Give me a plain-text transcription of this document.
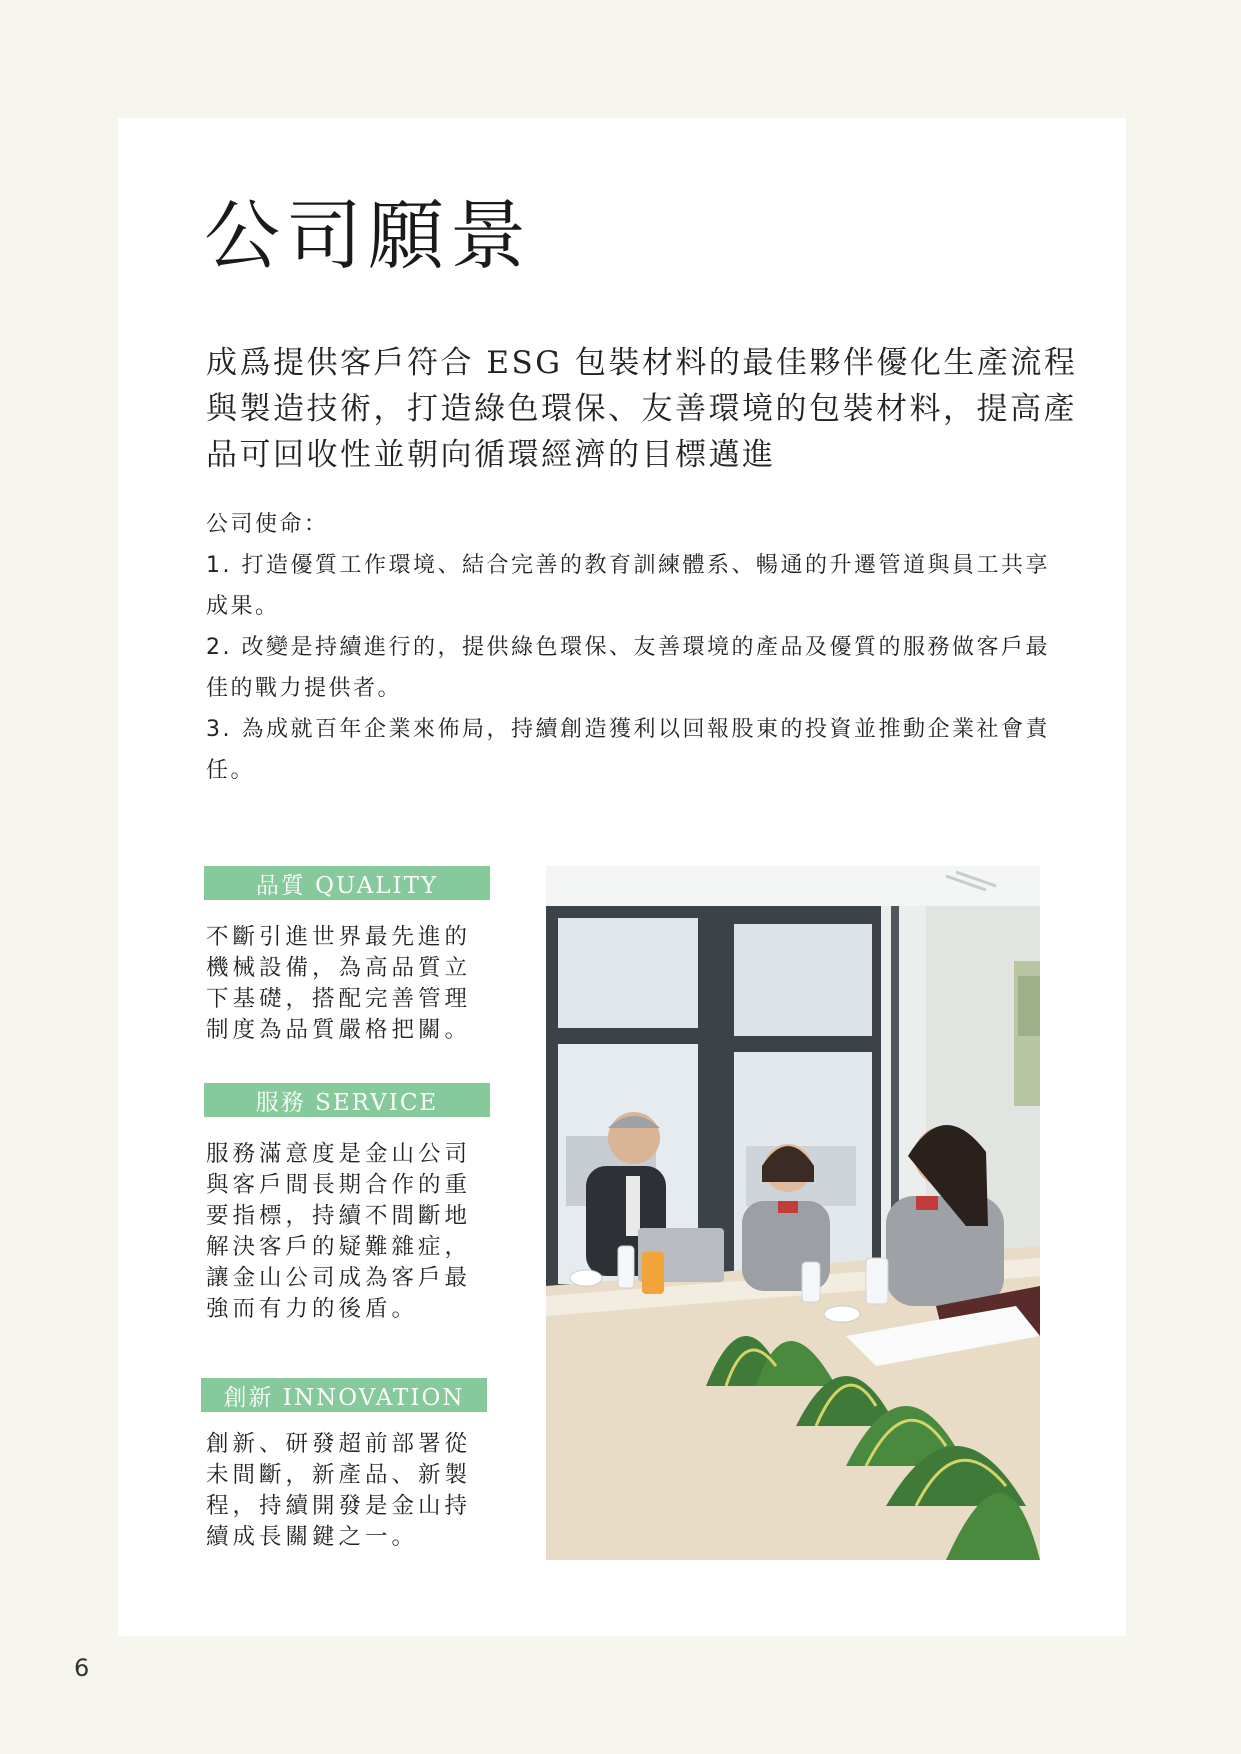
公司願景
成爲提供客戶符合 ESG 包裝材料的最佳夥伴優化生產流程與製造技術，打造綠色環保、友善環境的包裝材料，提高產品可回收性並朝向循環經濟的目標邁進
公司使命：
1. 打造優質工作環境、結合完善的教育訓練體系、暢通的升遷管道與員工共享成果。
2. 改變是持續進行的，提供綠色環保、友善環境的產品及優質的服務做客戶最佳的戰力提供者。
3. 為成就百年企業來佈局，持續創造獲利以回報股東的投資並推動企業社會責任。
品質 QUALITY
不斷引進世界最先進的機械設備，為高品質立下基礎，搭配完善管理制度為品質嚴格把關。
服務 SERVICE
服務滿意度是金山公司與客戶間長期合作的重要指標，持續不間斷地解決客戶的疑難雜症，讓金山公司成為客戶最強而有力的後盾。
創新 INNOVATION
創新、研發超前部署從未間斷，新產品、新製程，持續開發是金山持續成長關鍵之一。
6
